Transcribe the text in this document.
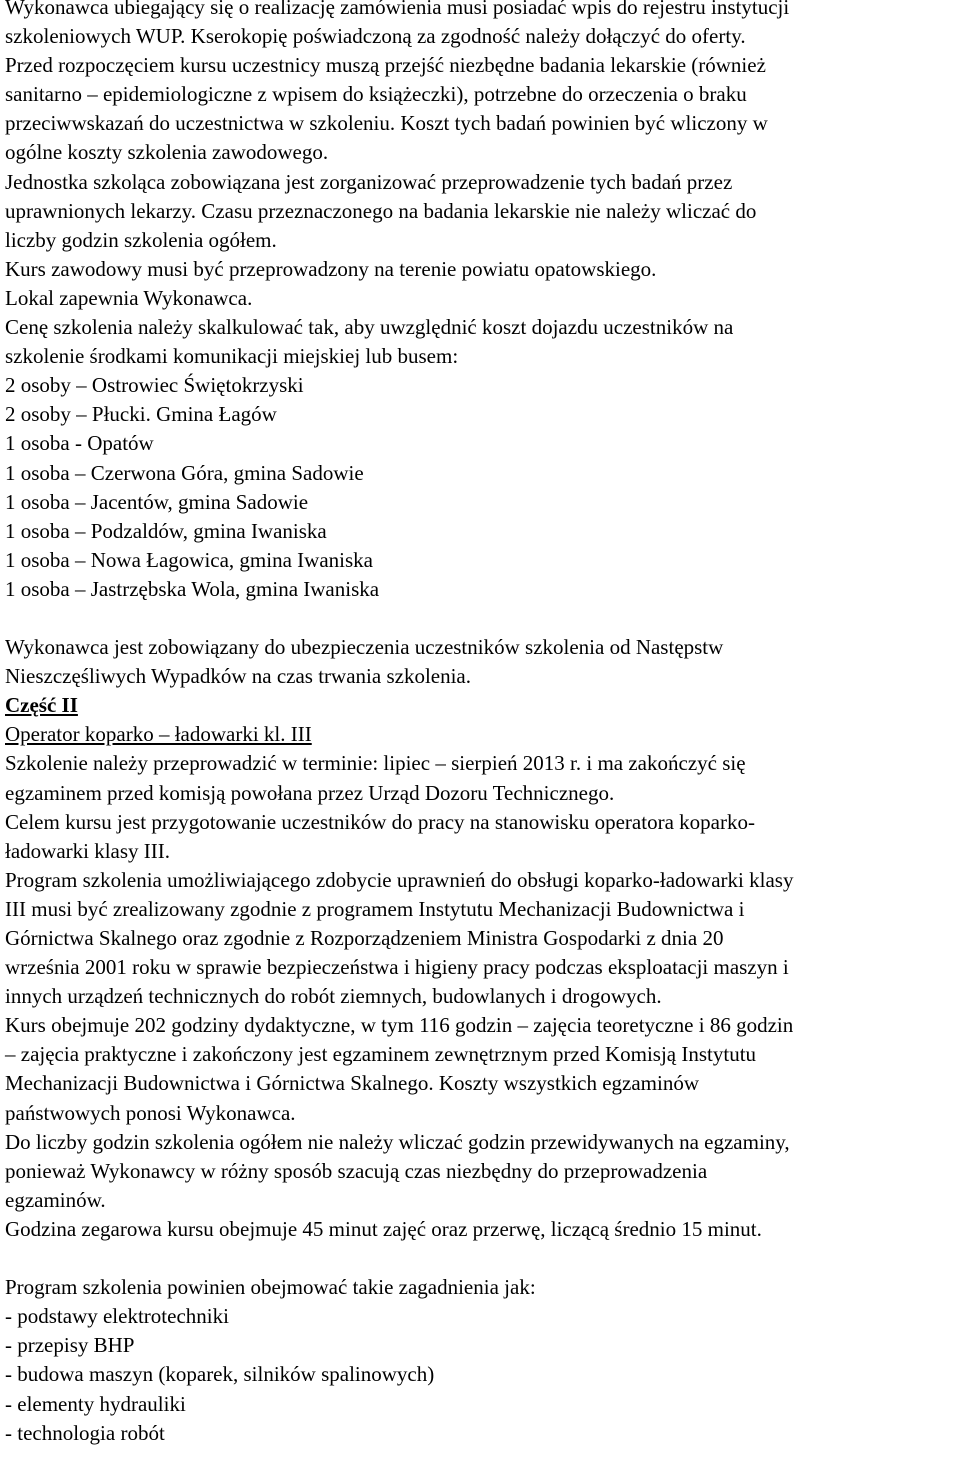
Wykonawca ubiegający się o realizację zamówienia musi posiadać wpis do rejestru instytucji
szkoleniowych WUP. Kserokopię poświadczoną za zgodność należy dołączyć do oferty.
Przed rozpoczęciem kursu uczestnicy muszą przejść niezbędne badania lekarskie (również
sanitarno – epidemiologiczne z wpisem do książeczki), potrzebne do orzeczenia o braku
przeciwwskazań do uczestnictwa w szkoleniu. Koszt tych badań powinien być wliczony w
ogólne koszty szkolenia zawodowego.
Jednostka szkoląca zobowiązana jest zorganizować przeprowadzenie tych badań przez
uprawnionych lekarzy. Czasu przeznaczonego na badania lekarskie nie należy wliczać do
liczby godzin szkolenia ogółem.
Kurs zawodowy musi być przeprowadzony na terenie powiatu opatowskiego.
Lokal zapewnia Wykonawca.
Cenę szkolenia należy skalkulować tak, aby uwzględnić koszt dojazdu uczestników na
szkolenie środkami komunikacji miejskiej lub busem:
2 osoby – Ostrowiec Świętokrzyski
2 osoby – Płucki. Gmina Łagów
1 osoba - Opatów
1 osoba – Czerwona Góra, gmina Sadowie
1 osoba – Jacentów, gmina Sadowie
1 osoba – Podzaldów, gmina Iwaniska
1 osoba – Nowa Łagowica, gmina Iwaniska
1 osoba – Jastrzębska Wola, gmina Iwaniska
Wykonawca jest zobowiązany do ubezpieczenia uczestników szkolenia od Następstw
Nieszczęśliwych Wypadków na czas trwania szkolenia.
Część II
Operator koparko – ładowarki kl. III
Szkolenie należy przeprowadzić w terminie: lipiec – sierpień 2013 r. i ma zakończyć się
egzaminem przed komisją powołana przez Urząd Dozoru Technicznego.
Celem kursu jest przygotowanie uczestników do pracy na stanowisku operatora koparko-
ładowarki klasy III.
Program szkolenia umożliwiającego zdobycie uprawnień do obsługi koparko-ładowarki klasy
III musi być zrealizowany zgodnie z programem Instytutu Mechanizacji Budownictwa i
Górnictwa Skalnego oraz zgodnie z Rozporządzeniem Ministra Gospodarki z dnia 20
września 2001 roku w sprawie bezpieczeństwa i higieny pracy podczas eksploatacji maszyn i
innych urządzeń technicznych do robót ziemnych, budowlanych i drogowych.
Kurs obejmuje 202 godziny dydaktyczne, w tym 116 godzin – zajęcia teoretyczne i 86 godzin
– zajęcia praktyczne i zakończony jest egzaminem zewnętrznym przed Komisją Instytutu
Mechanizacji Budownictwa i Górnictwa Skalnego. Koszty wszystkich egzaminów
państwowych ponosi Wykonawca.
Do liczby godzin szkolenia ogółem nie należy wliczać godzin przewidywanych na egzaminy,
ponieważ Wykonawcy w różny sposób szacują czas niezbędny do przeprowadzenia
egzaminów.
Godzina zegarowa kursu obejmuje 45 minut zajęć oraz przerwę, liczącą średnio 15 minut.
Program szkolenia powinien obejmować takie zagadnienia jak:
- podstawy elektrotechniki
- przepisy BHP
- budowa maszyn (koparek, silników spalinowych)
- elementy hydrauliki
- technologia robót
